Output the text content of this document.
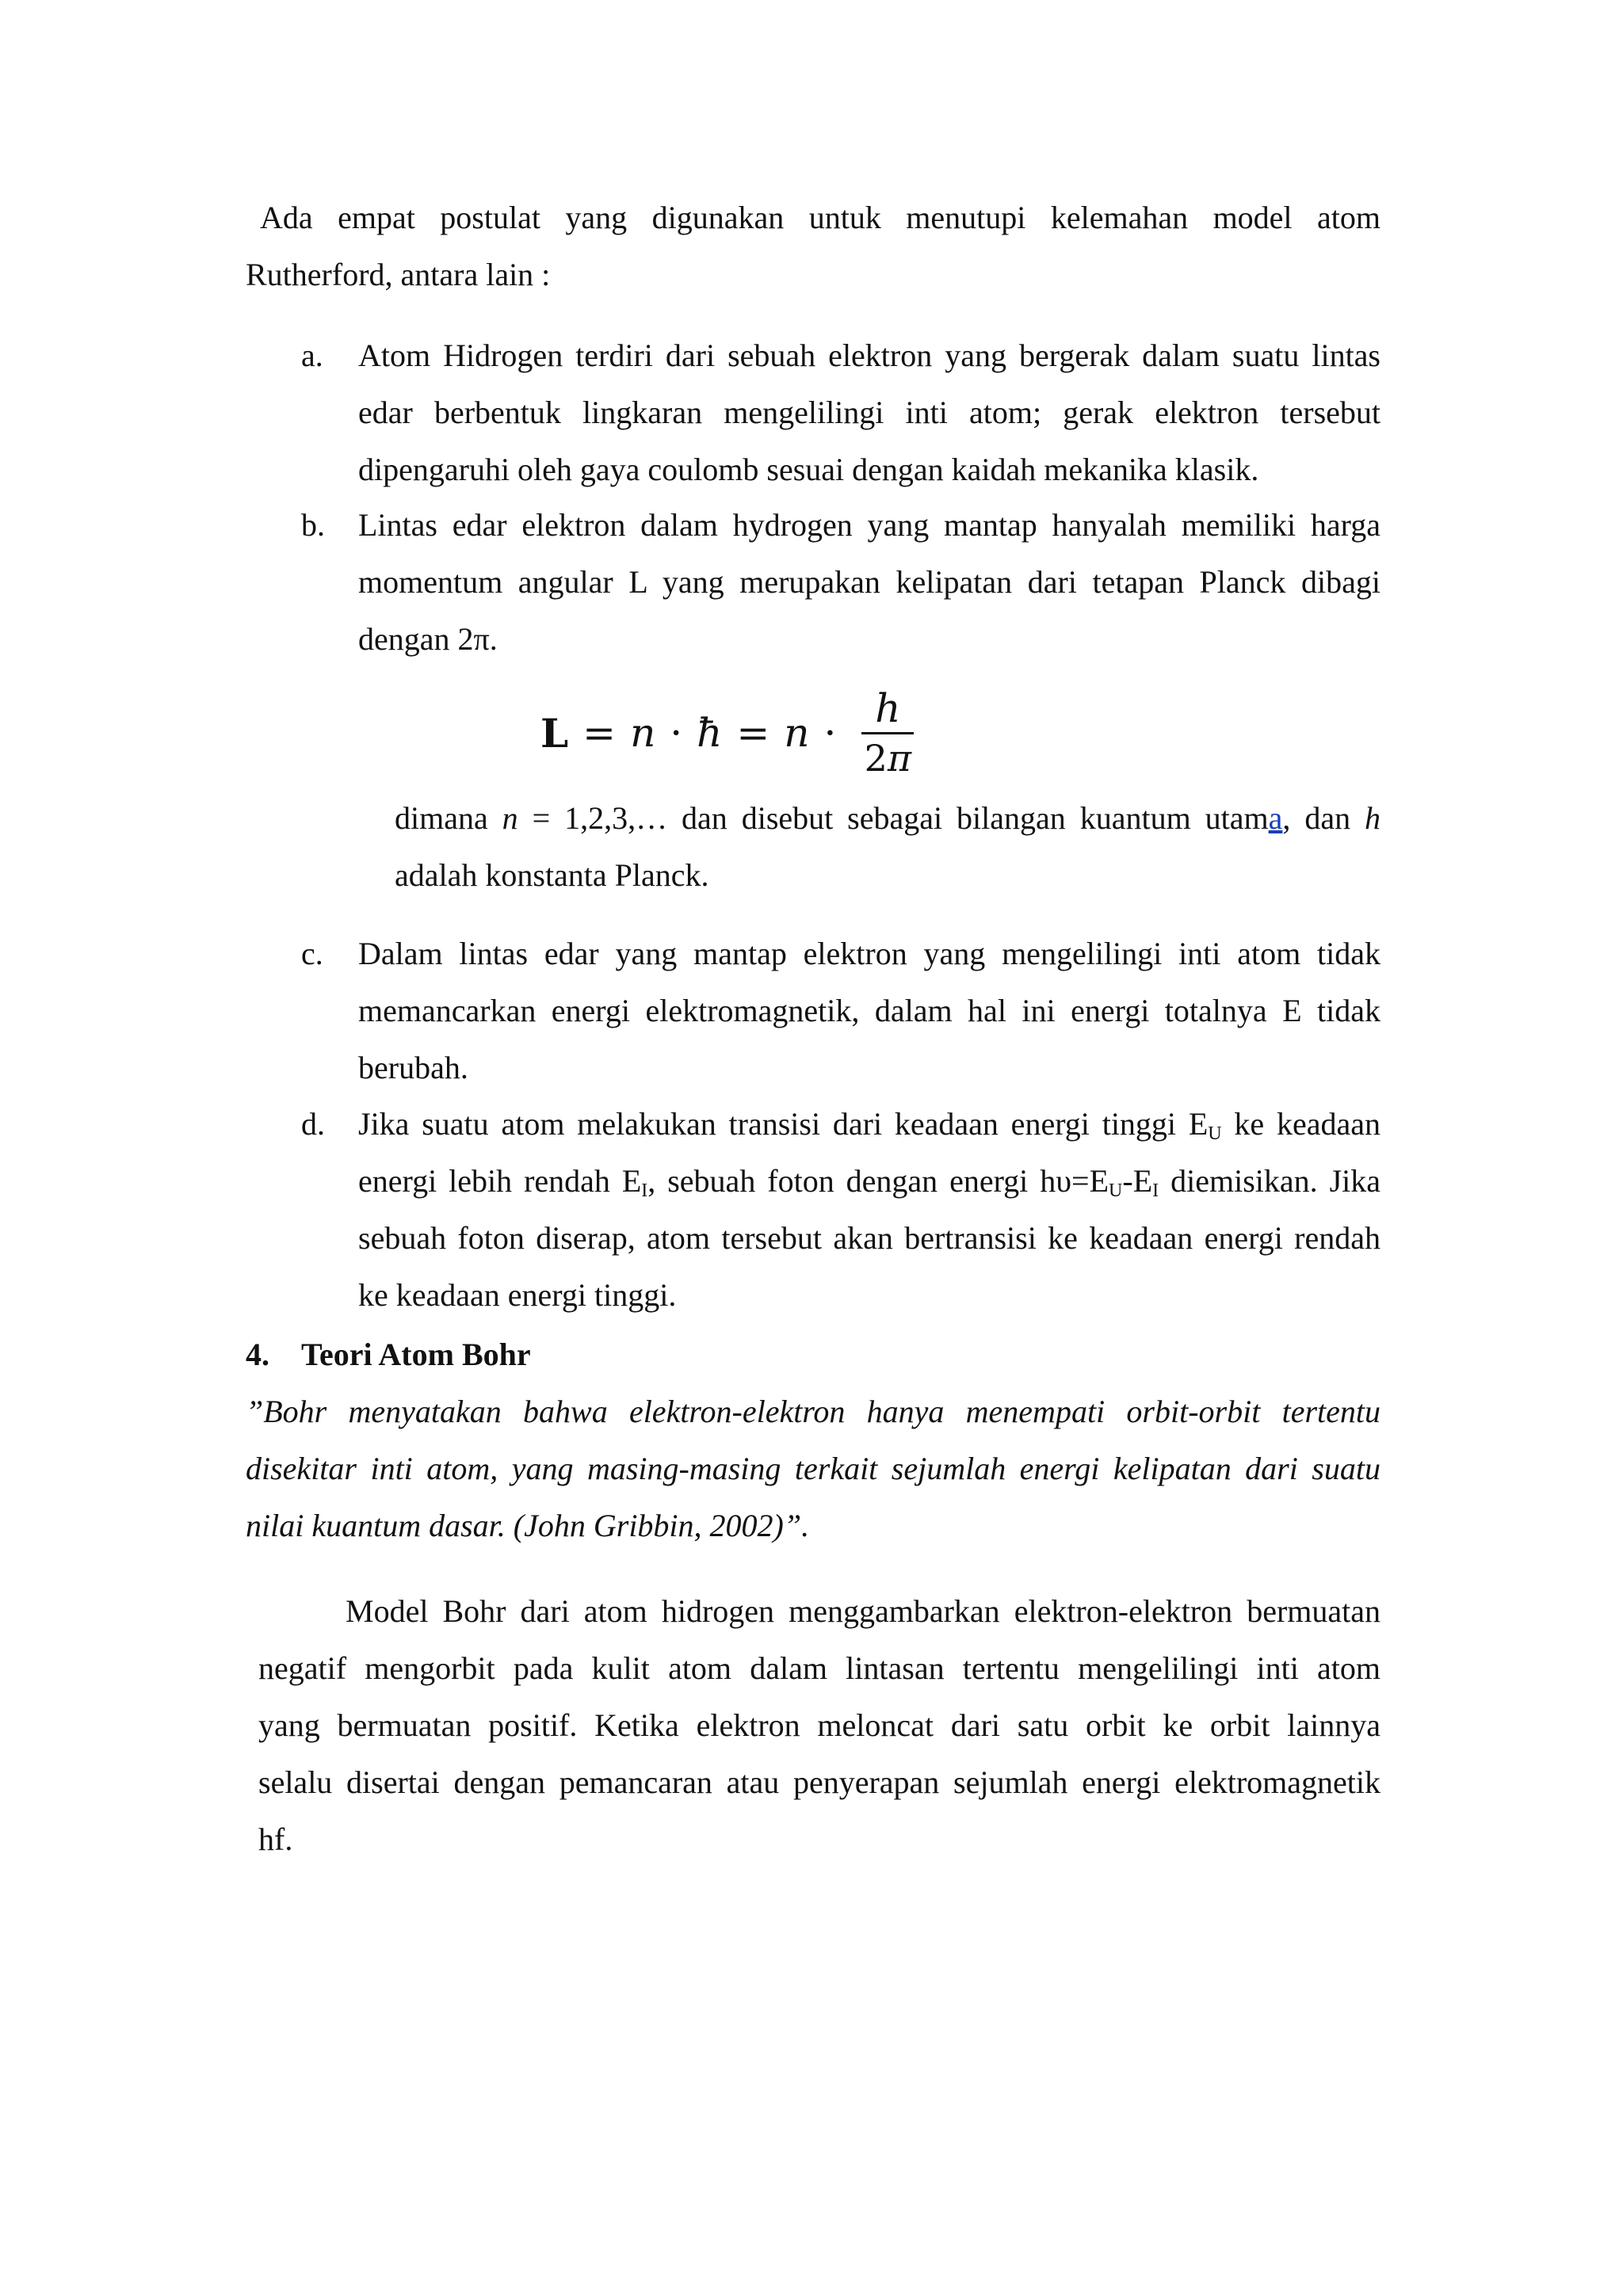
Ada empat postulat yang digunakan untuk menutupi kelemahan model atom
Rutherford, antara lain :
a.	Atom Hidrogen terdiri dari sebuah elektron yang bergerak dalam suatu lintas
edar berbentuk lingkaran mengelilingi inti atom; gerak elektron tersebut
dipengaruhi oleh gaya coulomb sesuai dengan kaidah mekanika klasik.
b.	Lintas edar elektron dalam hydrogen yang mantap hanyalah memiliki harga
momentum angular L yang merupakan kelipatan dari tetapan Planck dibagi
dengan 2π.
c.	Dalam lintas edar yang mantap elektron yang mengelilingi inti atom tidak
memancarkan energi elektromagnetik, dalam hal ini energi totalnya E tidak
berubah.
d.	Jika suatu atom melakukan transisi dari keadaan energi tinggi $E_U$ ke keadaan
energi lebih rendah $E_I$, sebuah foton dengan energi $h\upsilon=E_U-E_I$ diemisikan. Jika
sebuah foton diserap, atom tersebut akan bertransisi ke keadaan energi rendah
ke keadaan energi tinggi.
L = n · ħ = $n \cdot \frac{h}{2\pi}$
dimana n = 1,2,3,… dan disebut sebagai bilangan kuantum utama, dan h
adalah konstanta Planck.
4. Teori Atom Bohr
”Bohr menyatakan bahwa elektron-elektron hanya menempati orbit-orbit tertentu
disekitar inti atom, yang masing-masing terkait sejumlah energi kelipatan dari suatu
nilai kuantum dasar. (John Gribbin, 2002)”.
Model Bohr dari atom hidrogen menggambarkan elektron-elektron bermuatan
negatif mengorbit pada kulit atom dalam lintasan tertentu mengelilingi inti atom
yang bermuatan positif. Ketika elektron meloncat dari satu orbit ke orbit lainnya
selalu disertai dengan pemancaran atau penyerapan sejumlah energi elektromagnetik
hf.
